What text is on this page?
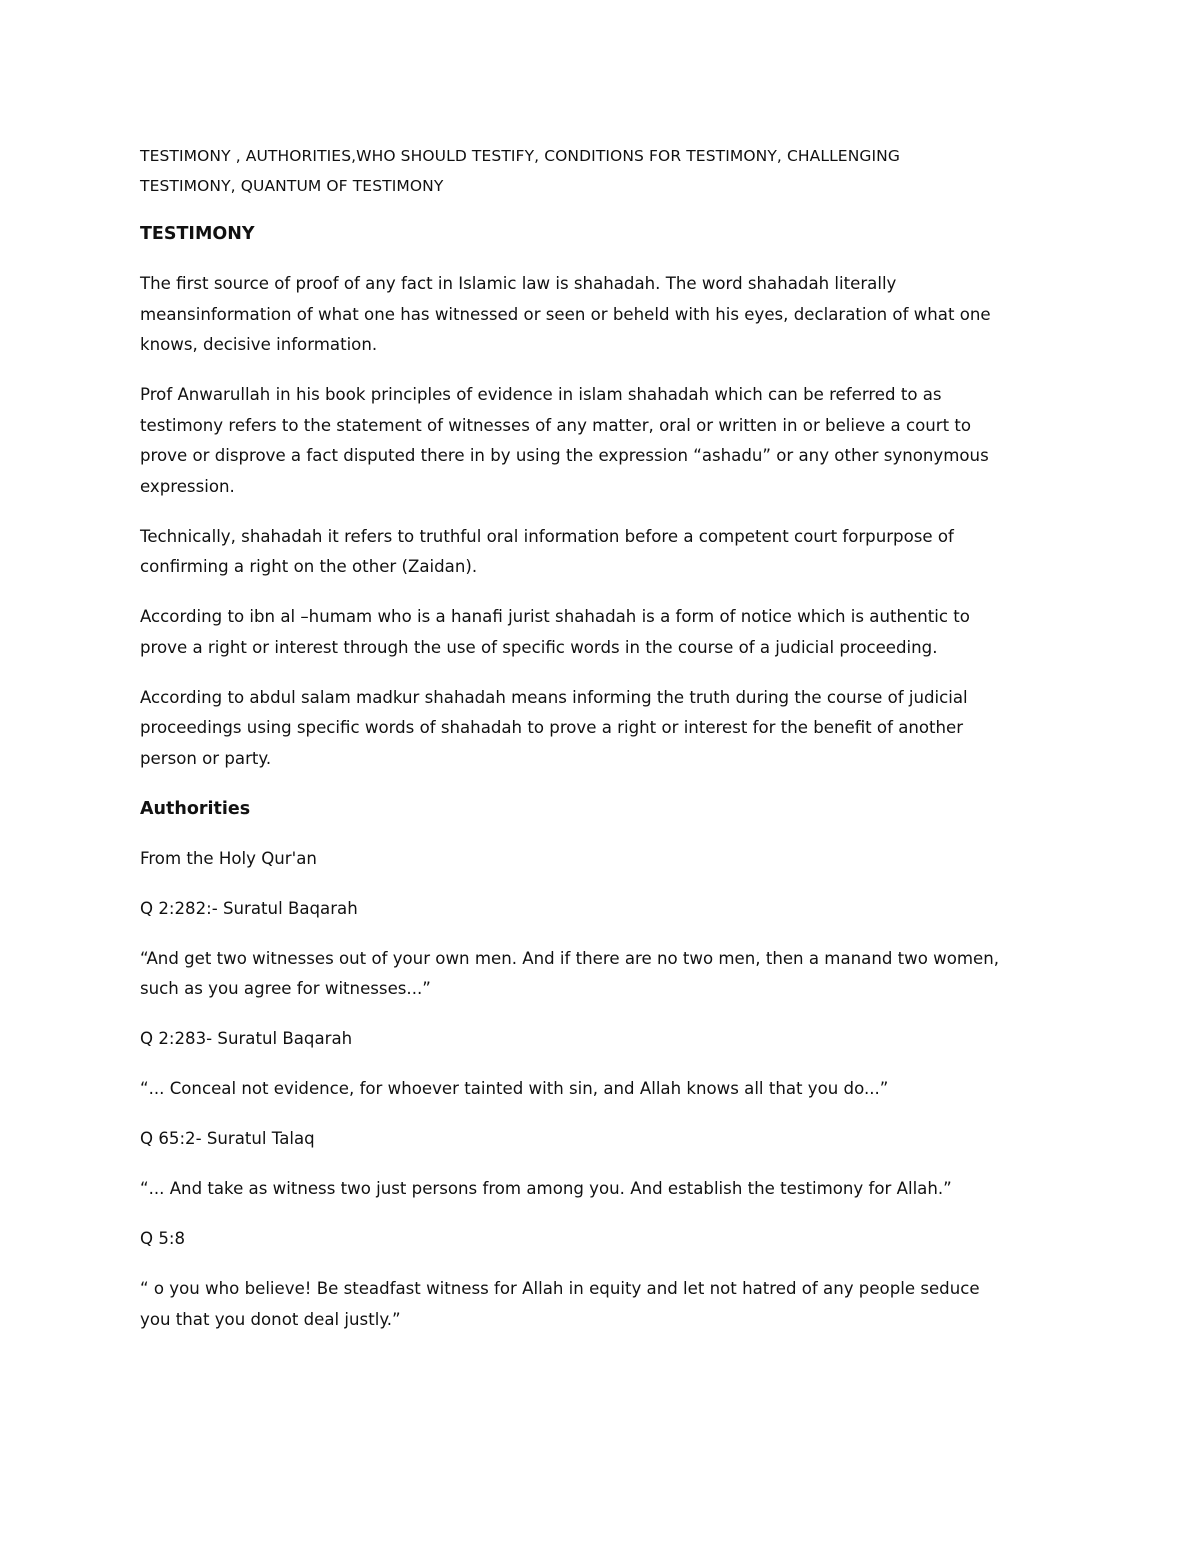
TESTIMONY , AUTHORITIES,WHO SHOULD TESTIFY, CONDITIONS FOR TESTIMONY, CHALLENGING
TESTIMONY, QUANTUM OF TESTIMONY
TESTIMONY
The first source of proof of any fact in Islamic law is shahadah. The word shahadah literally
meansinformation of what one has witnessed or seen or beheld with his eyes, declaration of what one
knows, decisive information.
Prof Anwarullah in his book principles of evidence in islam shahadah which can be referred to as
testimony refers to the statement of witnesses of any matter, oral or written in or believe a court to
prove or disprove a fact disputed there in by using the expression “ashadu” or any other synonymous
expression.
Technically, shahadah it refers to truthful oral information before a competent court forpurpose of
confirming a right on the other (Zaidan).
According to ibn al –humam who is a hanafi jurist shahadah is a form of notice which is authentic to
prove a right or interest through the use of specific words in the course of a judicial proceeding.
According to abdul salam madkur shahadah means informing the truth during the course of judicial
proceedings using specific words of shahadah to prove a right or interest for the benefit of another
person or party.
Authorities
From the Holy Qur'an
Q 2:282:- Suratul Baqarah
“And get two witnesses out of your own men. And if there are no two men, then a manand two women,
such as you agree for witnesses...”
Q 2:283- Suratul Baqarah
“... Conceal not evidence, for whoever tainted with sin, and Allah knows all that you do...”
Q 65:2- Suratul Talaq
“... And take as witness two just persons from among you. And establish the testimony for Allah.”
Q 5:8
“ o you who believe! Be steadfast witness for Allah in equity and let not hatred of any people seduce
you that you donot deal justly.”
